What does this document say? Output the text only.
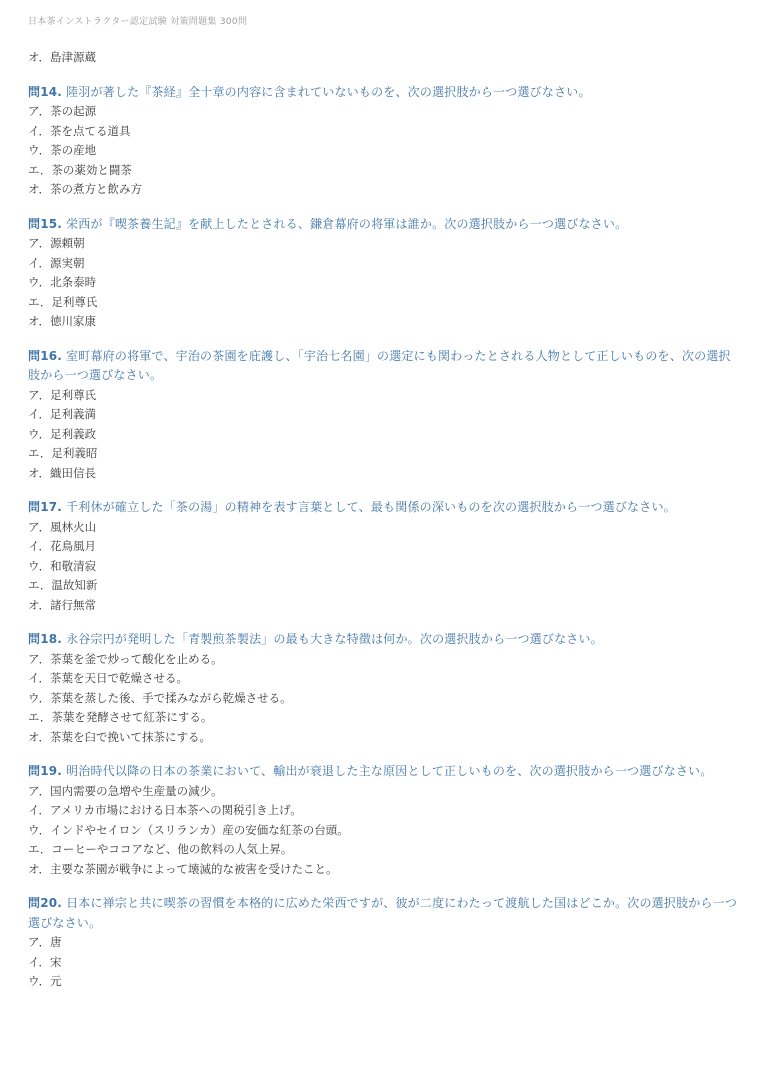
日本茶インストラクター認定試験 対策問題集 300問
オ．島津源蔵
問14. 陸羽が著した『茶経』全十章の内容に含まれていないものを、次の選択肢から一つ選びなさい。
ア．茶の起源
イ．茶を点てる道具
ウ．茶の産地
エ．茶の薬効と闘茶
オ．茶の煮方と飲み方
問15. 栄西が『喫茶養生記』を献上したとされる、鎌倉幕府の将軍は誰か。次の選択肢から一つ選びなさい。
ア．源頼朝
イ．源実朝
ウ．北条泰時
エ．足利尊氏
オ．徳川家康
問16. 室町幕府の将軍で、宇治の茶園を庇護し、「宇治七名園」の選定にも関わったとされる人物として正しいものを、次の選択肢から一つ選びなさい。
ア．足利尊氏
イ．足利義満
ウ．足利義政
エ．足利義昭
オ．織田信長
問17. 千利休が確立した「茶の湯」の精神を表す言葉として、最も関係の深いものを次の選択肢から一つ選びなさい。
ア．風林火山
イ．花鳥風月
ウ．和敬清寂
エ．温故知新
オ．諸行無常
問18. 永谷宗円が発明した「青製煎茶製法」の最も大きな特徴は何か。次の選択肢から一つ選びなさい。
ア．茶葉を釜で炒って酸化を止める。
イ．茶葉を天日で乾燥させる。
ウ．茶葉を蒸した後、手で揉みながら乾燥させる。
エ．茶葉を発酵させて紅茶にする。
オ．茶葉を臼で挽いて抹茶にする。
問19. 明治時代以降の日本の茶業において、輸出が衰退した主な原因として正しいものを、次の選択肢から一つ選びなさい。
ア．国内需要の急増や生産量の減少。
イ．アメリカ市場における日本茶への関税引き上げ。
ウ．インドやセイロン（スリランカ）産の安価な紅茶の台頭。
エ．コーヒーやココアなど、他の飲料の人気上昇。
オ．主要な茶園が戦争によって壊滅的な被害を受けたこと。
問20. 日本に禅宗と共に喫茶の習慣を本格的に広めた栄西ですが、彼が二度にわたって渡航した国はどこか。次の選択肢から一つ選びなさい。
ア．唐
イ．宋
ウ．元
